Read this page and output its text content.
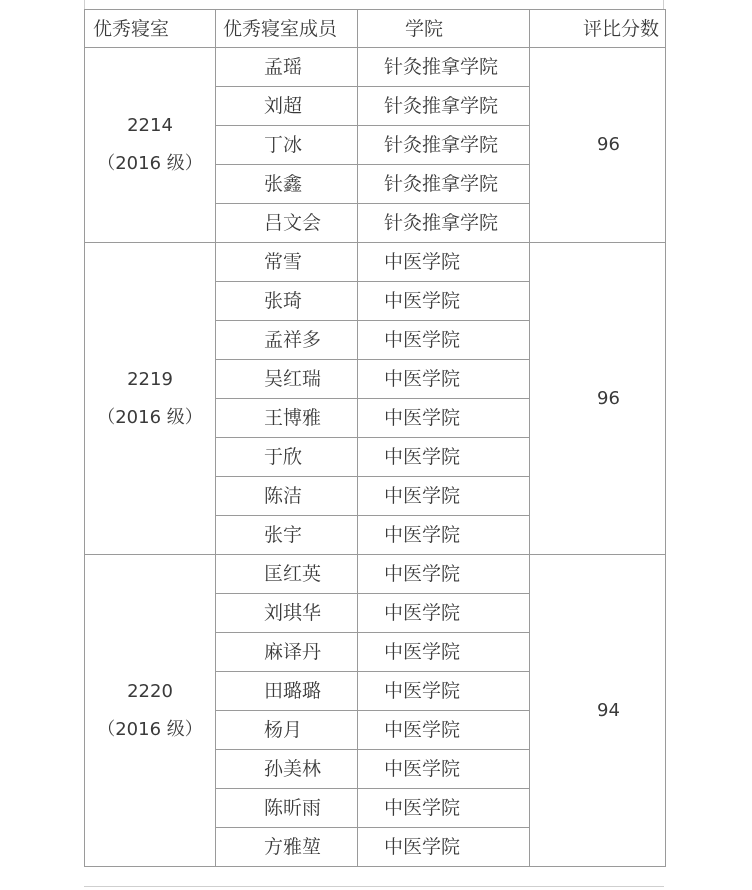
优秀寝室	优秀寝室成员	学院	评比分数

2214
（2016 级）	孟瑶	针灸推拿学院	96
	刘超	针灸推拿学院	
	丁冰	针灸推拿学院	
	张鑫	针灸推拿学院	
	吕文会	针灸推拿学院	

2219
（2016 级）	常雪	中医学院	96
	张琦	中医学院	
	孟祥多	中医学院	
	吴红瑞	中医学院	
	王博雅	中医学院	
	于欣	中医学院	
	陈洁	中医学院	
	张宇	中医学院	

2220
（2016 级）	匡红英	中医学院	94
	刘琪华	中医学院	
	麻译丹	中医学院	
	田璐璐	中医学院	
	杨月	中医学院	
	孙美林	中医学院	
	陈昕雨	中医学院	
	方雅堃	中医学院	
